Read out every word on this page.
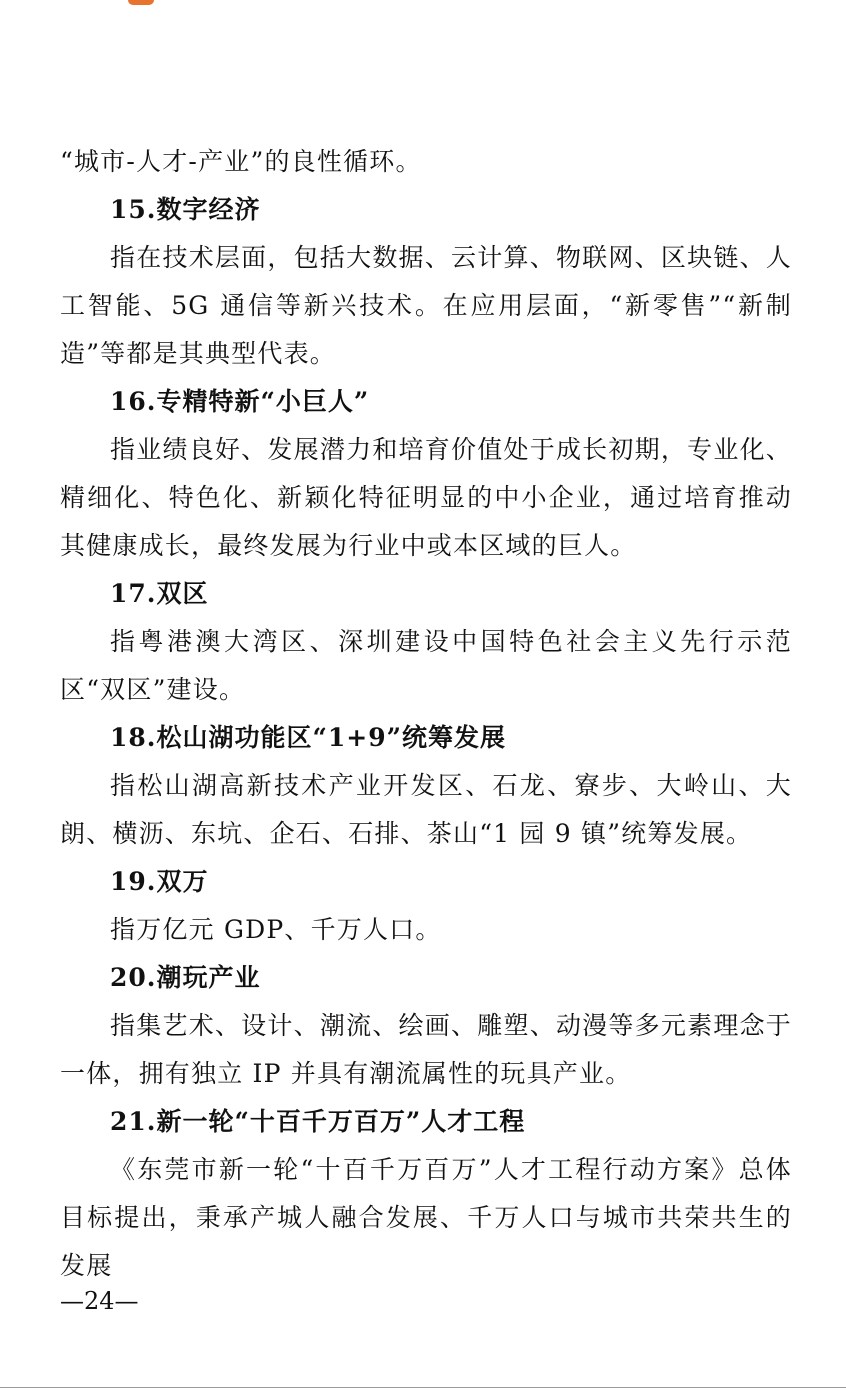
“城市-人才-产业”的良性循环。

15.数字经济

指在技术层面，包括大数据、云计算、物联网、区块链、人工智能、5G 通信等新兴技术。在应用层面，“新零售”“新制造”等都是其典型代表。

16.专精特新“小巨人”

指业绩良好、发展潜力和培育价值处于成长初期，专业化、精细化、特色化、新颖化特征明显的中小企业，通过培育推动其健康成长，最终发展为行业中或本区域的巨人。

17.双区

指粤港澳大湾区、深圳建设中国特色社会主义先行示范区“双区”建设。

18.松山湖功能区“1+9”统筹发展

指松山湖高新技术产业开发区、石龙、寮步、大岭山、大朗、横沥、东坑、企石、石排、茶山“1 园 9 镇”统筹发展。

19.双万

指万亿元 GDP、千万人口。

20.潮玩产业

指集艺术、设计、潮流、绘画、雕塑、动漫等多元素理念于一体，拥有独立 IP 并具有潮流属性的玩具产业。

21.新一轮“十百千万百万”人才工程

《东莞市新一轮“十百千万百万”人才工程行动方案》总体目标提出，秉承产城人融合发展、千万人口与城市共荣共生的发展

—24—
